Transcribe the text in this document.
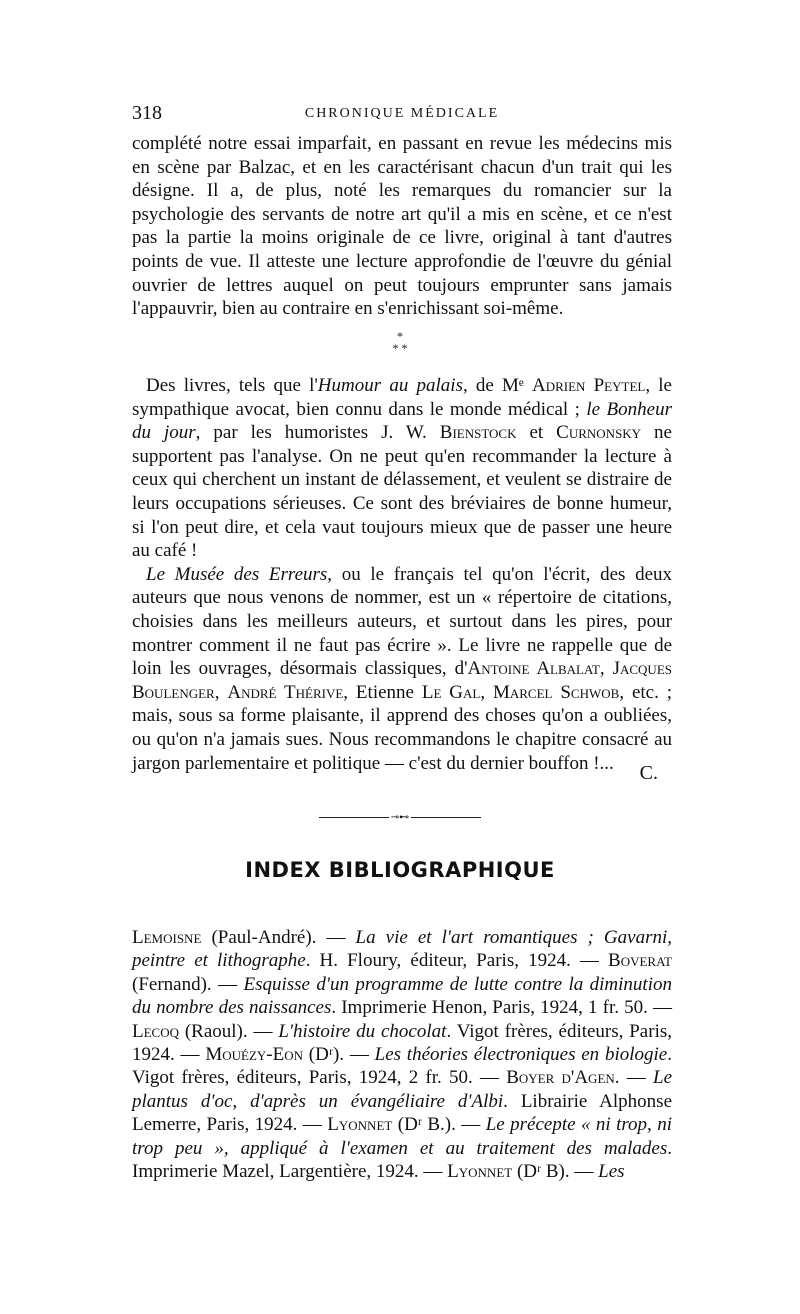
318	CHRONIQUE MÉDICALE

complété notre essai imparfait, en passant en revue les médecins mis en scène par Balzac, et en les caractérisant chacun d'un trait qui les désigne. Il a, de plus, noté les remarques du romancier sur la psychologie des servants de notre art qu'il a mis en scène, et ce n'est pas la partie la moins originale de ce livre, original à tant d'autres points de vue. Il atteste une lecture approfondie de l'œuvre du génial ouvrier de lettres auquel on peut toujours emprunter sans jamais l'appauvrir, bien au contraire en s'enrichissant soi-même.

*
* *

Des livres, tels que l'Humour au palais, de Mᵉ Adrien Peytel, le sympathique avocat, bien connu dans le monde médical ; le Bonheur du jour, par les humoristes J. W. Bienstock et Curnonsky ne supportent pas l'analyse. On ne peut qu'en recommander la lecture à ceux qui cherchent un instant de délassement, et veulent se distraire de leurs occupations sérieuses. Ce sont des bréviaires de bonne humeur, si l'on peut dire, et cela vaut toujours mieux que de passer une heure au café !

Le Musée des Erreurs, ou le français tel qu'on l'écrit, des deux auteurs que nous venons de nommer, est un « répertoire de citations, choisies dans les meilleurs auteurs, et surtout dans les pires, pour montrer comment il ne faut pas écrire ». Le livre ne rappelle que de loin les ouvrages, désormais classiques, d'Antoine Albalat, Jacques Boulenger, André Thérive, Etienne Le Gal, Marcel Schwob, etc. ; mais, sous sa forme plaisante, il apprend des choses qu'on a oubliées, ou qu'on n'a jamais sues. Nous recommandons le chapitre consacré au jargon parlementaire et politique — c'est du dernier bouffon !...	C.
⊸⊷
INDEX BIBLIOGRAPHIQUE

Lemoisne (Paul-André). — La vie et l'art romantiques ; Gavarni, peintre et lithographe. H. Floury, éditeur, Paris, 1924. — Boverat (Fernand). — Esquisse d'un programme de lutte contre la diminution du nombre des naissances. Imprimerie Henon, Paris, 1924, 1 fr. 50. — Lecoq (Raoul). — L'histoire du chocolat. Vigot frères, éditeurs, Paris, 1924. — Mouézy-Eon (Dʳ). — Les théories électroniques en biologie. Vigot frères, éditeurs, Paris, 1924, 2 fr. 50. — Boyer d'Agen. — Le plantus d'oc, d'après un évangéliaire d'Albi. Librairie Alphonse Lemerre, Paris, 1924. — Lyonnet (Dʳ B.). — Le précepte « ni trop, ni trop peu », appliqué à l'examen et au traitement des malades. Imprimerie Mazel, Largentière, 1924. — Lyonnet (Dʳ B). — Les
